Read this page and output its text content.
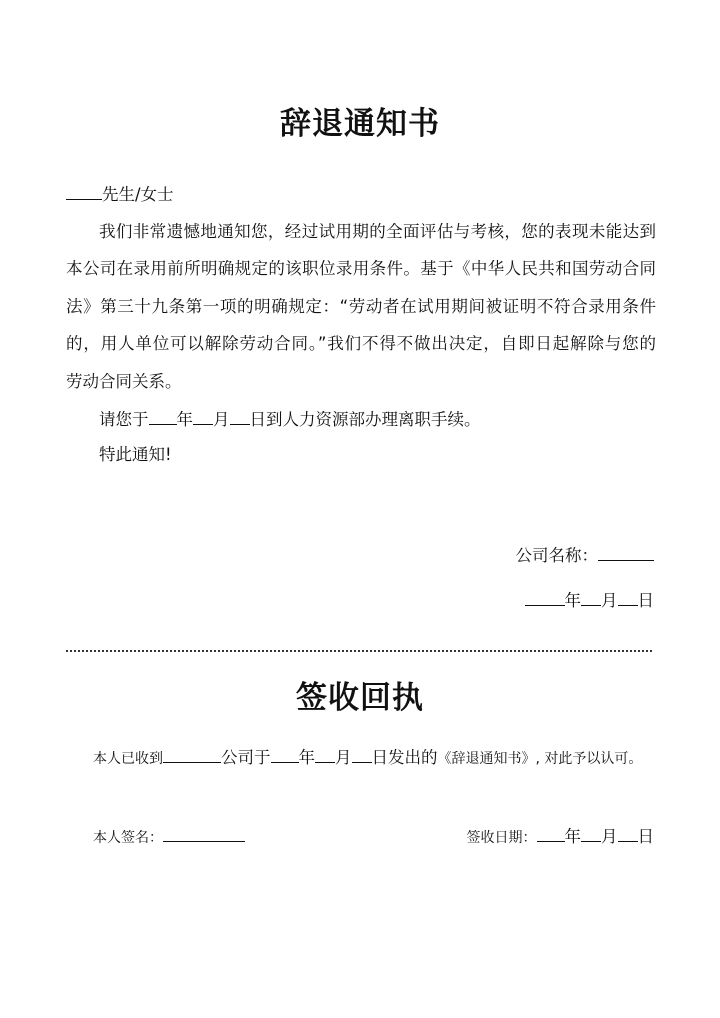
辞退通知书
先生/女士
我们非常遗憾地通知您，经过试用期的全面评估与考核，您的表现未能达到
本公司在录用前所明确规定的该职位录用条件。基于《中华人民共和国劳动合同
法》第三十九条第一项的明确规定：“劳动者在试用期间被证明不符合录用条件
的，用人单位可以解除劳动合同。”我们不得不做出决定，自即日起解除与您的
劳动合同关系。
请您于 年 月 日到人力资源部办理离职手续。
特此通知!
公司名称：
年 月 日
签收回执
本人已收到	公司于 年 月 日发出的《辞退通知书》, 对此予以认可。
本人签名：	签收日期： 年 月 日
